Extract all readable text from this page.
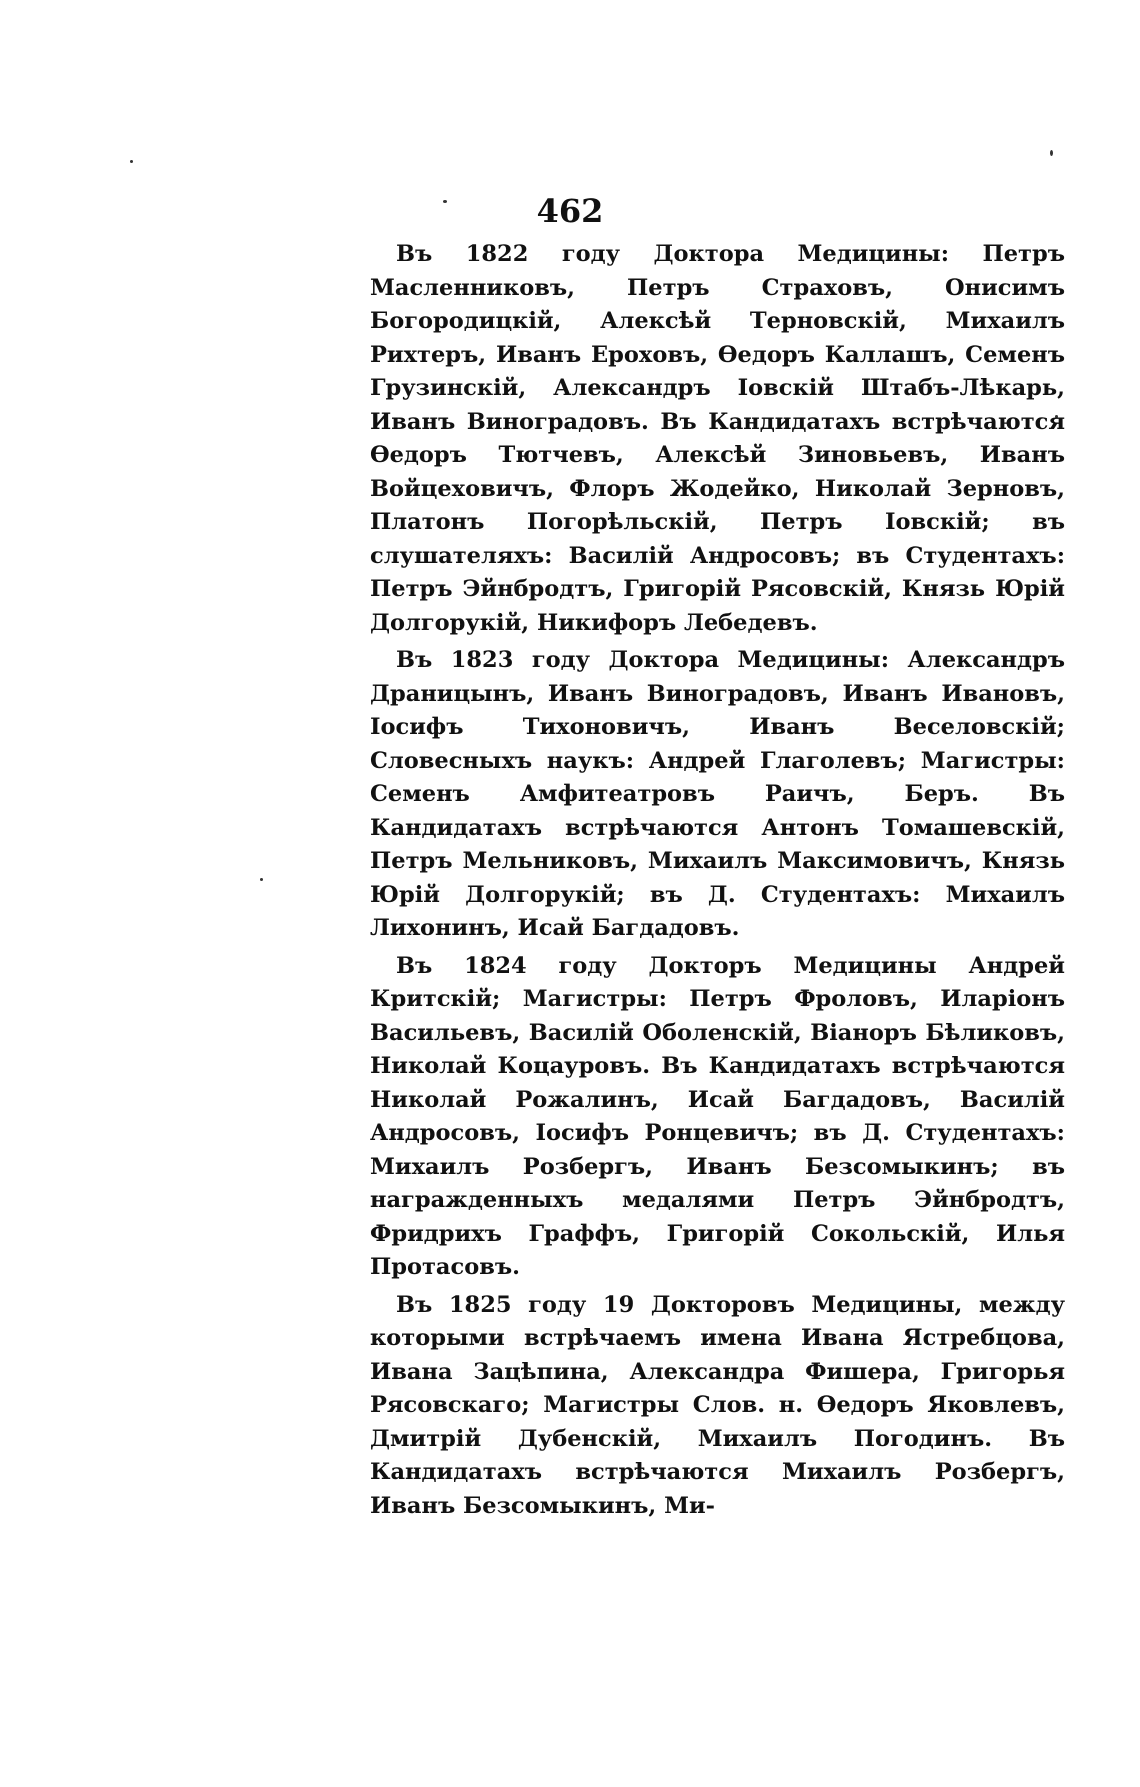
462

Въ 1822 году Доктора Медицины: Петръ Масленниковъ, Петръ Страховъ, Онисимъ Богородицкій, Алексѣй Терновскій, Михаилъ Рихтеръ, Иванъ Ероховъ, Ѳедоръ Каллашъ, Семенъ Грузинскій, Александръ Іовскій Штабъ-Лѣкарь, Иванъ Виноградовъ. Въ Кандидатахъ встрѣчаются Ѳедоръ Тютчевъ, Алексѣй Зиновьевъ, Иванъ Войцеховичъ, Флоръ Жодейко, Николай Зерновъ, Платонъ Погорѣльскій, Петръ Іовскій; въ слушателяхъ: Василій Андросовъ; въ Студентахъ: Петръ Эйнбродтъ, Григорій Рясовскій, Князь Юрій Долгорукій, Никифоръ Лебедевъ.

Въ 1823 году Доктора Медицины: Александръ Драницынъ, Иванъ Виноградовъ, Иванъ Ивановъ, Іосифъ Тихоновичъ, Иванъ Веселовскій; Словесныхъ наукъ: Андрей Глаголевъ; Магистры: Семенъ Амфитеатровъ Раичъ, Беръ. Въ Кандидатахъ встрѣчаются Антонъ Томашевскій, Петръ Мельниковъ, Михаилъ Максимовичъ, Князь Юрій Долгорукій; въ Д. Студентахъ: Михаилъ Лихонинъ, Исай Багдадовъ.

Въ 1824 году Докторъ Медицины Андрей Критскій; Магистры: Петръ Фроловъ, Иларіонъ Васильевъ, Василій Оболенскій, Віаноръ Бѣликовъ, Николай Коцауровъ. Въ Кандидатахъ встрѣчаются Николай Рожалинъ, Исай Багдадовъ, Василій Андросовъ, Іосифъ Ронцевичъ; въ Д. Студентахъ: Михаилъ Розбергъ, Иванъ Безсомыкинъ; въ награжденныхъ медалями Петръ Эйнбродтъ, Фридрихъ Граффъ, Григорій Сокольскій, Илья Протасовъ.

Въ 1825 году 19 Докторовъ Медицины, между которыми встрѣчаемъ имена Ивана Ястребцова, Ивана Зацѣпина, Александра Фишера, Григорья Рясовскаго; Магистры Слов. н. Ѳедоръ Яковлевъ, Дмитрій Дубенскій, Михаилъ Погодинъ. Въ Кандидатахъ встрѣчаются Михаилъ Розбергъ, Иванъ Безсомыкинъ, Ми-
